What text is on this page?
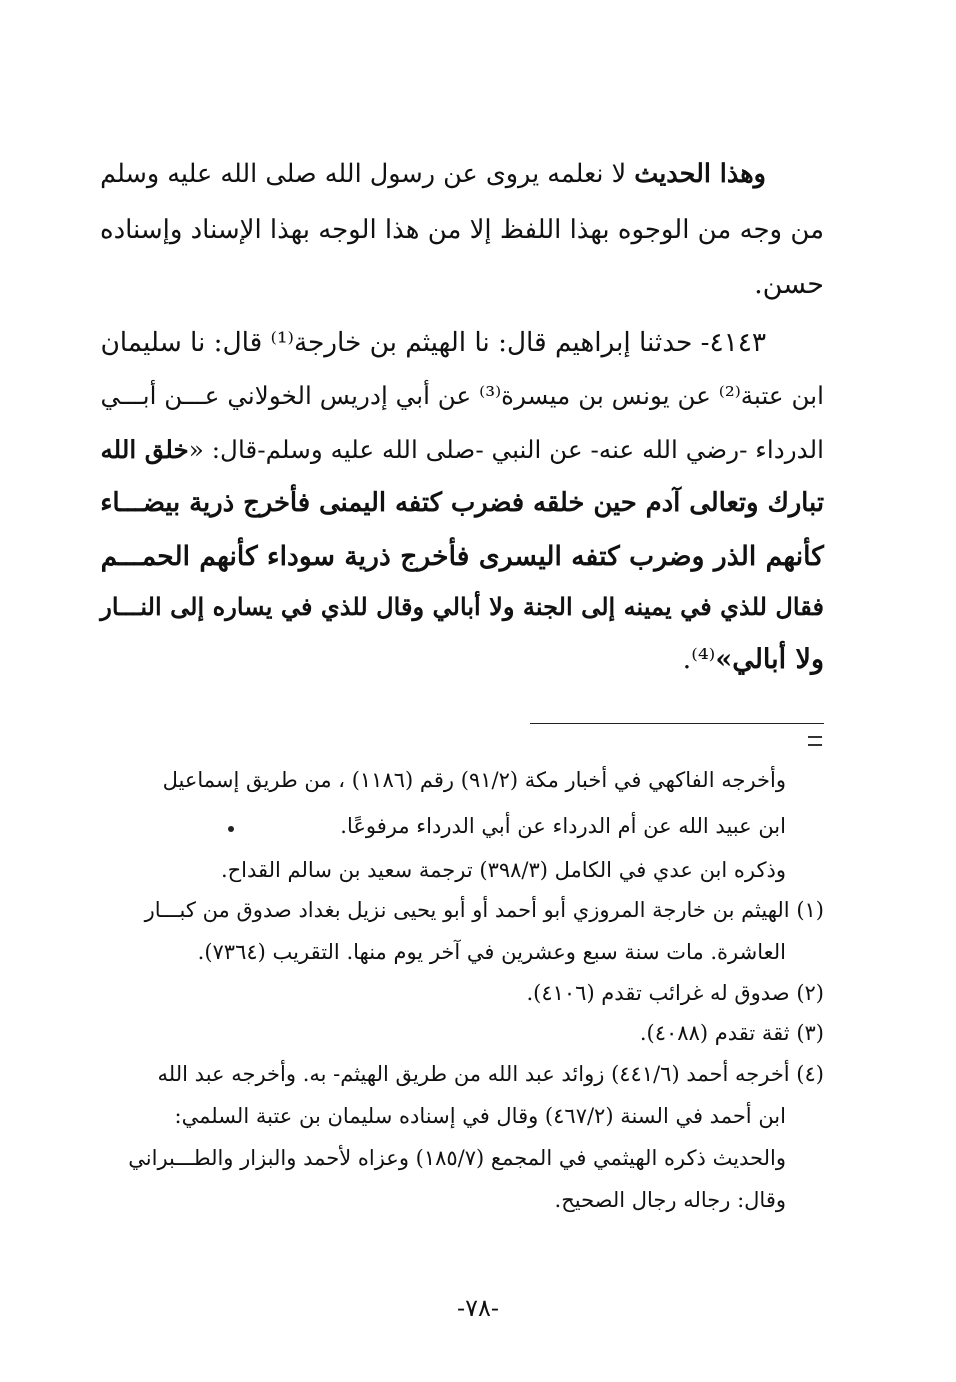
وهذا الحديث لا نعلمه يروى عن رسول الله صلى الله عليه وسلم
من وجه من الوجوه بهذا اللفظ إلا من هذا الوجه بهذا الإسناد وإسناده
حسن.
٤١٤٣- حدثنا إبراهيم قال: نا الهيثم بن خارجة⁽¹⁾ قال: نا سليمان
ابن عتبة⁽²⁾ عن يونس بن ميسرة⁽³⁾ عن أبي إدريس الخولاني عـــن أبـــي
الدرداء -رضي الله عنه- عن النبي -صلى الله عليه وسلم-قال: «خلق الله
تبارك وتعالى آدم حين خلقه فضرب كتفه اليمنى فأخرج ذرية بيضـــاء
كأنهم الذر وضرب كتفه اليسرى فأخرج ذرية سوداء كأنهم الحمـــم
فقال للذي في يمينه إلى الجنة ولا أبالي وقال للذي في يساره إلى النـــار
ولا أبالي»⁽⁴⁾.
وأخرجه الفاكهي في أخبار مكة (٩١/٢) رقم (١١٨٦) ، من طريق إسماعيل
ابن عبيد الله عن أم الدرداء عن أبي الدرداء مرفوعًا.
وذكره ابن عدي في الكامل (٣٩٨/٣) ترجمة سعيد بن سالم القداح.
(١) الهيثم بن خارجة المروزي أبو أحمد أو أبو يحيى نزيل بغداد صدوق من كبـــار
العاشرة. مات سنة سبع وعشرين في آخر يوم منها. التقريب (٧٣٦٤).
(٢) صدوق له غرائب تقدم (٤١٠٦).
(٣) ثقة تقدم (٤٠٨٨).
(٤) أخرجه أحمد (٤٤١/٦) زوائد عبد الله من طريق الهيثم- به. وأخرجه عبد الله
ابن أحمد في السنة (٤٦٧/٢) وقال في إسناده سليمان بن عتبة السلمي:
والحديث ذكره الهيثمي في المجمع (١٨٥/٧) وعزاه لأحمد والبزار والطـــبراني
وقال: رجاله رجال الصحيح.
-٧٨-
